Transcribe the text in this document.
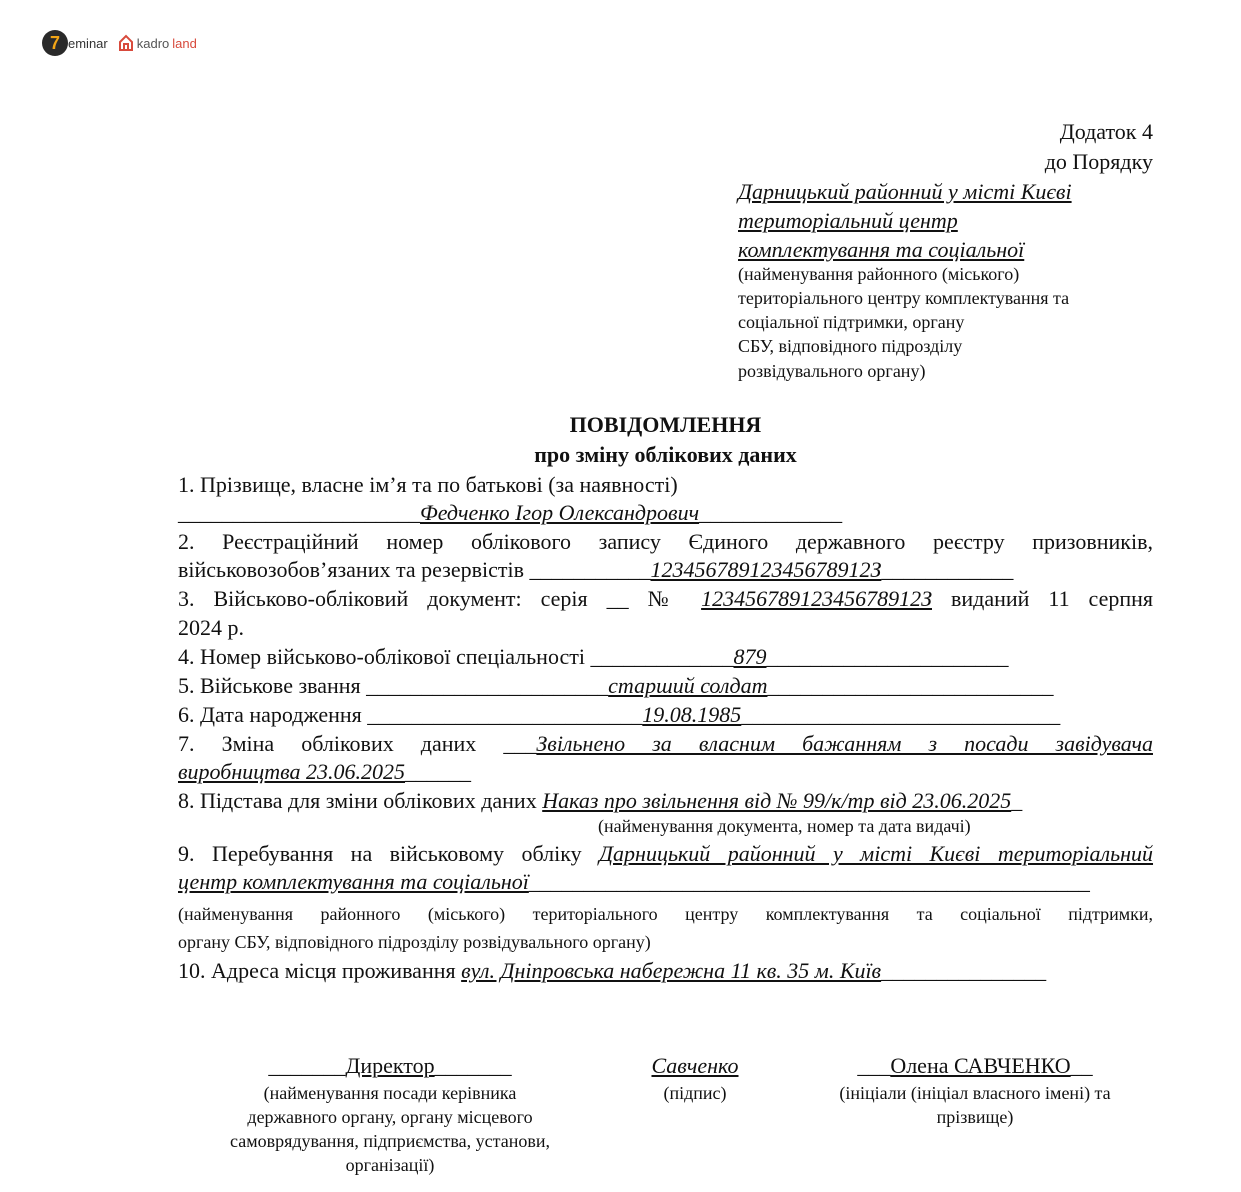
7 eminar kadro land
Додаток 4
до Порядку
Дарницький районний у місті Києві
територіальний центр
комплектування та соціальної
(найменування районного (міського)
територіального центру комплектування та
соціальної підтримки, органу
СБУ, відповідного підрозділу
розвідувального органу)
ПОВІДОМЛЕННЯ
про зміну облікових даних
1. Прізвище, власне ім’я та по батькові (за наявності)
______________________Федченко Ігор Олександрович_____________
2. Реєстраційний номер облікового запису Єдиного державного реєстру призовників,
військовозобов’язаних та резервістів ___________12345678912345678912З____________
3. Військово-обліковий документ: серія __ № 12345678912345678912З виданий 11 серпня
2024 р.
4. Номер військово-облікової спеціальності _____________879______________________
5. Військове звання ______________________старший солдат__________________________
6. Дата народження _________________________19.08.1985_____________________________
7. Зміна облікових даних ___Звільнено за власним бажанням з посади завідувача
виробництва 23.06.2025______
8. Підстава для зміни облікових даних Наказ про звільнення від № 99/к/тр від 23.06.2025_
(найменування документа, номер та дата видачі)
9. Перебування на військовому обліку Дарницький районний у місті Києві територіальний
центр комплектування та соціальної___________________________________________________
(найменування районного (міського) територіального центру комплектування та соціальної підтримки,
органу СБУ, відповідного підрозділу розвідувального органу)
10. Адреса місця проживання вул. Дніпровська набережна 11 кв. 35 м. Київ_______________
_______Директор_______
(найменування посади керівника
державного органу, органу місцевого
самоврядування, підприємства, установи,
організації)
Савченко
(підпис)
___Олена САВЧЕНКО__
(ініціали (ініціал власного імені) та
прізвище)
